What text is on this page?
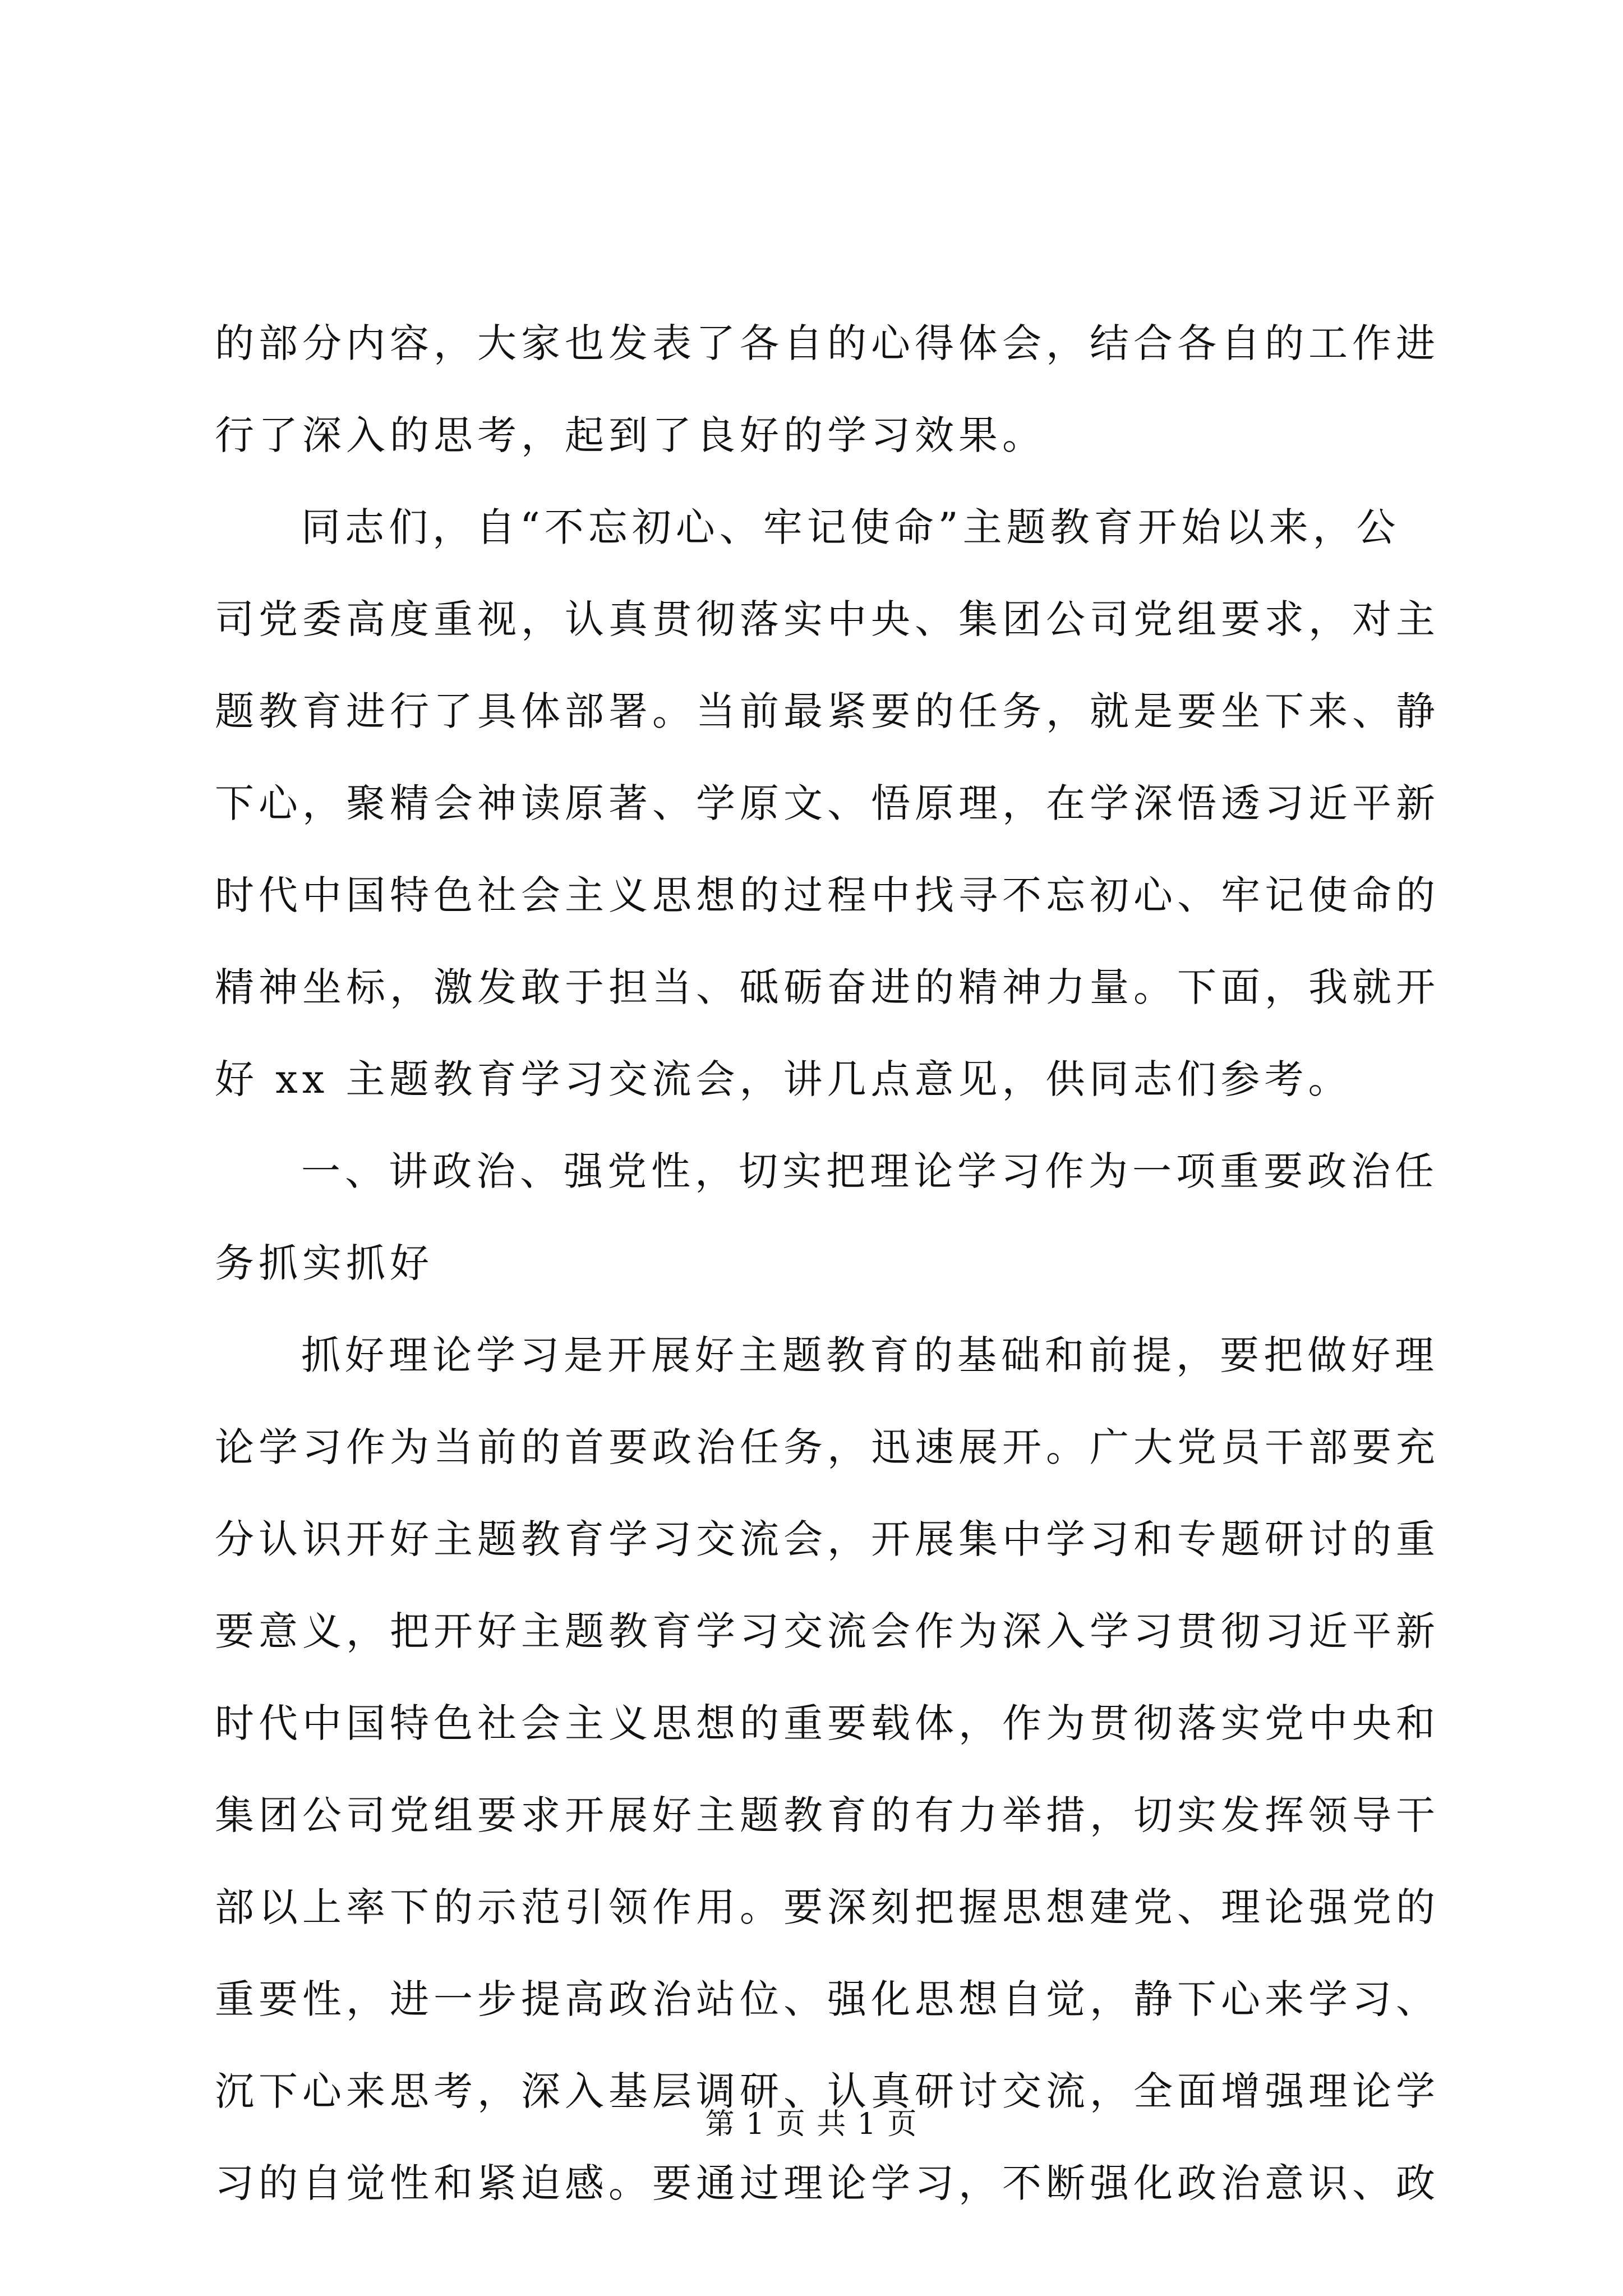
的部分内容，大家也发表了各自的心得体会，结合各自的工作进
行了深入的思考，起到了良好的学习效果。
同志们，自“不忘初心、牢记使命”主题教育开始以来，公
司党委高度重视，认真贯彻落实中央、集团公司党组要求，对主
题教育进行了具体部署。当前最紧要的任务，就是要坐下来、静
下心，聚精会神读原著、学原文、悟原理，在学深悟透习近平新
时代中国特色社会主义思想的过程中找寻不忘初心、牢记使命的
精神坐标，激发敢于担当、砥砺奋进的精神力量。下面，我就开
好 xx 主题教育学习交流会，讲几点意见，供同志们参考。
一、讲政治、强党性，切实把理论学习作为一项重要政治任
务抓实抓好
抓好理论学习是开展好主题教育的基础和前提，要把做好理
论学习作为当前的首要政治任务，迅速展开。广大党员干部要充
分认识开好主题教育学习交流会，开展集中学习和专题研讨的重
要意义，把开好主题教育学习交流会作为深入学习贯彻习近平新
时代中国特色社会主义思想的重要载体，作为贯彻落实党中央和
集团公司党组要求开展好主题教育的有力举措，切实发挥领导干
部以上率下的示范引领作用。要深刻把握思想建党、理论强党的
重要性，进一步提高政治站位、强化思想自觉，静下心来学习、
沉下心来思考，深入基层调研、认真研讨交流，全面增强理论学
习的自觉性和紧迫感。要通过理论学习，不断强化政治意识、政
第 1 页 共 1 页
